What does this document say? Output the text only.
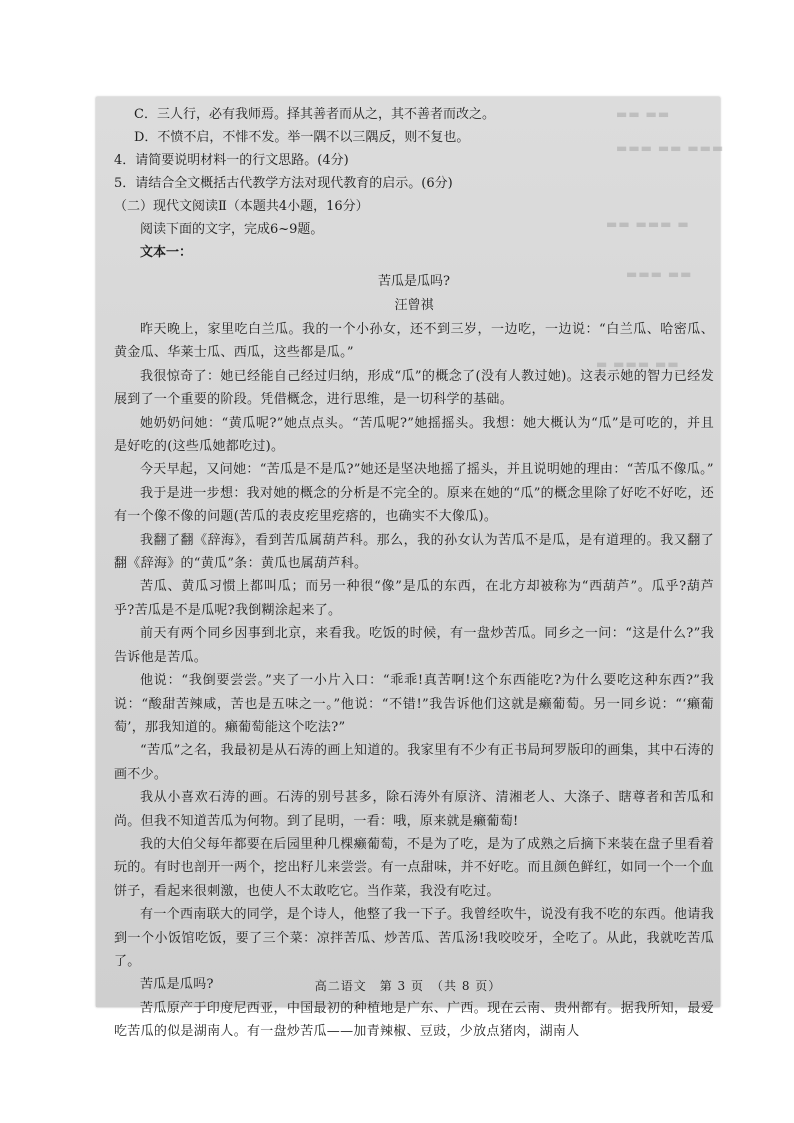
▬▬ ▬▬
▬▬▬ ▬▬ ▬▬▬
▬▬ ▬▬▬ ▬
▬▬▬ ▬▬
▬ ▬▬▬ ▬▬

C．三人行，必有我师焉。择其善者而从之，其不善者而改之。

D．不愤不启，不悱不发。举一隅不以三隅反，则不复也。

4．请简要说明材料一的行文思路。(4分)

5．请结合全文概括古代教学方法对现代教育的启示。(6分)

（二）现代文阅读Ⅱ（本题共4小题，16分）

阅读下面的文字，完成6~9题。

文本一：

苦瓜是瓜吗?

汪曾祺

昨天晚上，家里吃白兰瓜。我的一个小孙女，还不到三岁，一边吃，一边说：“白兰瓜、哈密瓜、黄金瓜、华莱士瓜、西瓜，这些都是瓜。”

我很惊奇了：她已经能自己经过归纳，形成“瓜”的概念了(没有人教过她)。这表示她的智力已经发展到了一个重要的阶段。凭借概念，进行思维，是一切科学的基础。

她奶奶问她：“黄瓜呢?”她点点头。“苦瓜呢?”她摇摇头。我想：她大概认为“瓜”是可吃的，并且是好吃的(这些瓜她都吃过)。

今天早起，又问她：“苦瓜是不是瓜?”她还是坚决地摇了摇头，并且说明她的理由：“苦瓜不像瓜。”

我于是进一步想：我对她的概念的分析是不完全的。原来在她的“瓜”的概念里除了好吃不好吃，还有一个像不像的问题(苦瓜的表皮疙里疙瘩的，也确实不大像瓜)。

我翻了翻《辞海》，看到苦瓜属葫芦科。那么，我的孙女认为苦瓜不是瓜，是有道理的。我又翻了翻《辞海》的“黄瓜”条：黄瓜也属葫芦科。

苦瓜、黄瓜习惯上都叫瓜；而另一种很“像”是瓜的东西，在北方却被称为“西葫芦”。瓜乎?葫芦乎?苦瓜是不是瓜呢?我倒糊涂起来了。

前天有两个同乡因事到北京，来看我。吃饭的时候，有一盘炒苦瓜。同乡之一问：“这是什么?”我告诉他是苦瓜。

他说：“我倒要尝尝。”夹了一小片入口：“乖乖!真苦啊!这个东西能吃?为什么要吃这种东西?”我说：“酸甜苦辣咸，苦也是五味之一。”他说：“不错!”我告诉他们这就是癞葡萄。另一同乡说：“‘癞葡萄’，那我知道的。癞葡萄能这个吃法?”

“苦瓜”之名，我最初是从石涛的画上知道的。我家里有不少有正书局珂罗版印的画集，其中石涛的画不少。

我从小喜欢石涛的画。石涛的别号甚多，除石涛外有原济、清湘老人、大涤子、瞎尊者和苦瓜和尚。但我不知道苦瓜为何物。到了昆明，一看：哦，原来就是癞葡萄!

我的大伯父每年都要在后园里种几棵癞葡萄，不是为了吃，是为了成熟之后摘下来装在盘子里看着玩的。有时也剖开一两个，挖出籽儿来尝尝。有一点甜味，并不好吃。而且颜色鲜红，如同一个一个血饼子，看起来很刺激，也使人不太敢吃它。当作菜，我没有吃过。

有一个西南联大的同学，是个诗人，他整了我一下子。我曾经吹牛，说没有我不吃的东西。他请我到一个小饭馆吃饭，要了三个菜：凉拌苦瓜、炒苦瓜、苦瓜汤!我咬咬牙，全吃了。从此，我就吃苦瓜了。

苦瓜是瓜吗?

苦瓜原产于印度尼西亚，中国最初的种植地是广东、广西。现在云南、贵州都有。据我所知，最爱吃苦瓜的似是湖南人。有一盘炒苦瓜——加青辣椒、豆豉，少放点猪肉，湖南人

高二语文　第 3 页　（共 8 页）
